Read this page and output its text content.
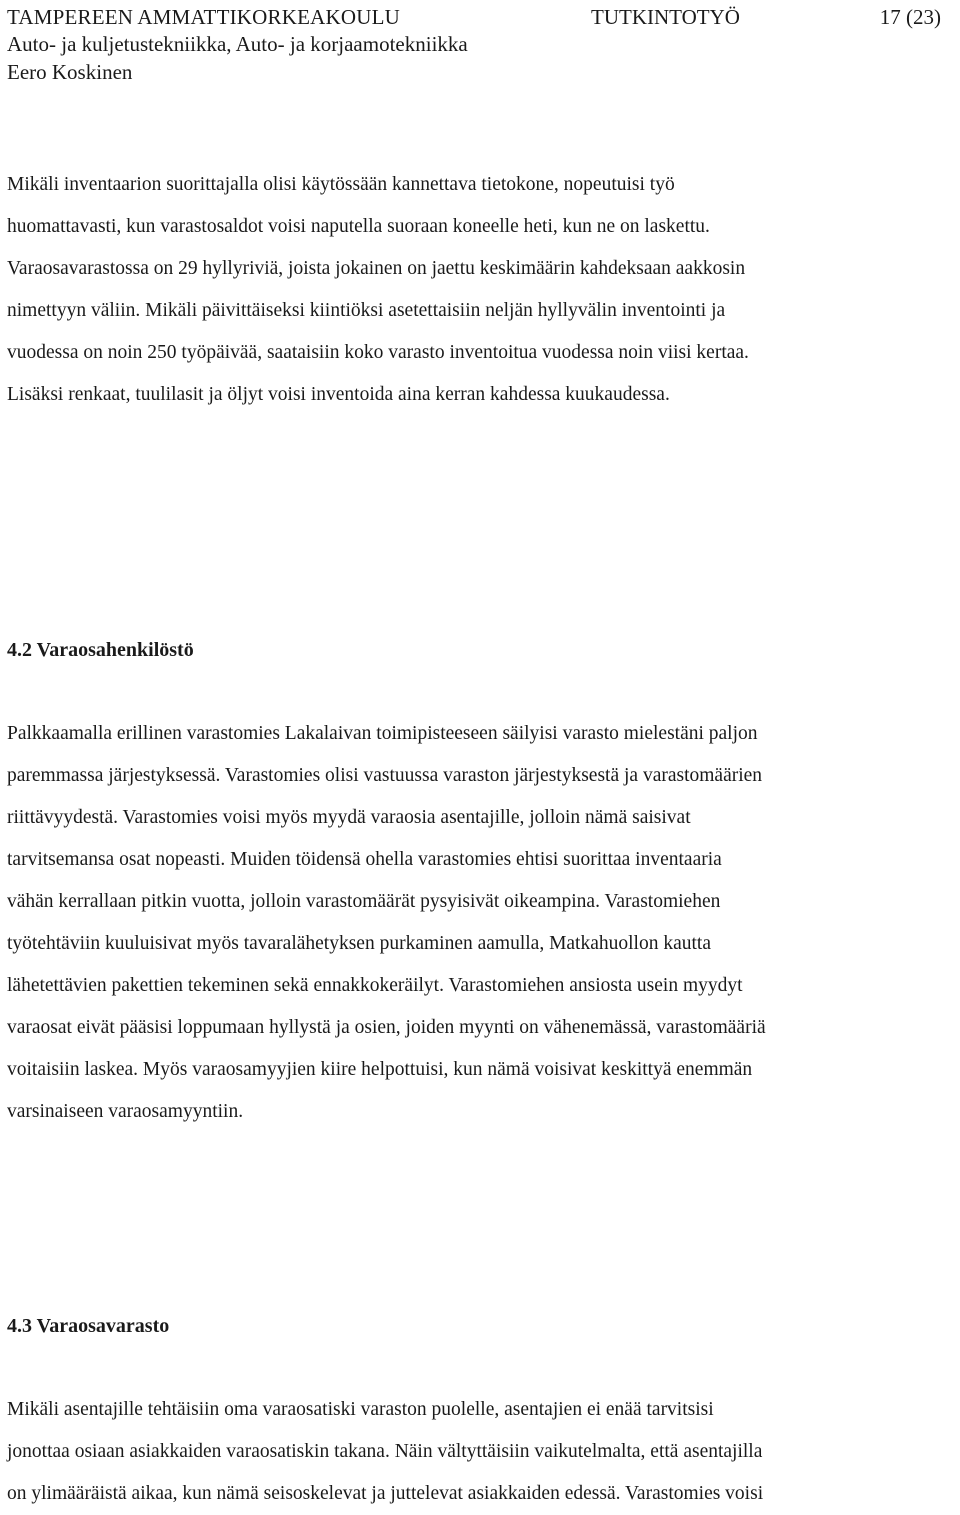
TAMPEREEN AMMATTIKORKEAKOULU	TUTKINTOTYÖ	17 (23)
Auto- ja kuljetustekniikka, Auto- ja korjaamotekniikka
Eero Koskinen
Mikäli inventaarion suorittajalla olisi käytössään kannettava tietokone, nopeutuisi työ
huomattavasti, kun varastosaldot voisi naputella suoraan koneelle heti, kun ne on laskettu.
Varaosavarastossa on 29 hyllyriviä, joista jokainen on jaettu keskimäärin kahdeksaan aakkosin
nimettyyn väliin. Mikäli päivittäiseksi kiintiöksi asetettaisiin neljän hyllyvälin inventointi ja
vuodessa on noin 250 työpäivää, saataisiin koko varasto inventoitua vuodessa noin viisi kertaa.
Lisäksi renkaat, tuulilasit ja öljyt voisi inventoida aina kerran kahdessa kuukaudessa.
4.2 Varaosahenkilöstö
Palkkaamalla erillinen varastomies Lakalaivan toimipisteeseen säilyisi varasto mielestäni paljon
paremmassa järjestyksessä. Varastomies olisi vastuussa varaston järjestyksestä ja varastomäärien
riittävyydestä. Varastomies voisi myös myydä varaosia asentajille, jolloin nämä saisivat
tarvitsemansa osat nopeasti. Muiden töidensä ohella varastomies ehtisi suorittaa inventaaria
vähän kerrallaan pitkin vuotta, jolloin varastomäärät pysyisivät oikeampina. Varastomiehen
työtehtäviin kuuluisivat myös tavaralähetyksen purkaminen aamulla, Matkahuollon kautta
lähetettävien pakettien tekeminen sekä ennakkokeräilyt. Varastomiehen ansiosta usein myydyt
varaosat eivät pääsisi loppumaan hyllystä ja osien, joiden myynti on vähenemässä, varastomääriä
voitaisiin laskea. Myös varaosamyyjien kiire helpottuisi, kun nämä voisivat keskittyä enemmän
varsinaiseen varaosamyyntiin.
4.3 Varaosavarasto
Mikäli asentajille tehtäisiin oma varaosatiski varaston puolelle, asentajien ei enää tarvitsisi
jonottaa osiaan asiakkaiden varaosatiskin takana. Näin vältyttäisiin vaikutelmalta, että asentajilla
on ylimääräistä aikaa, kun nämä seisoskelevat ja juttelevat asiakkaiden edessä. Varastomies voisi
